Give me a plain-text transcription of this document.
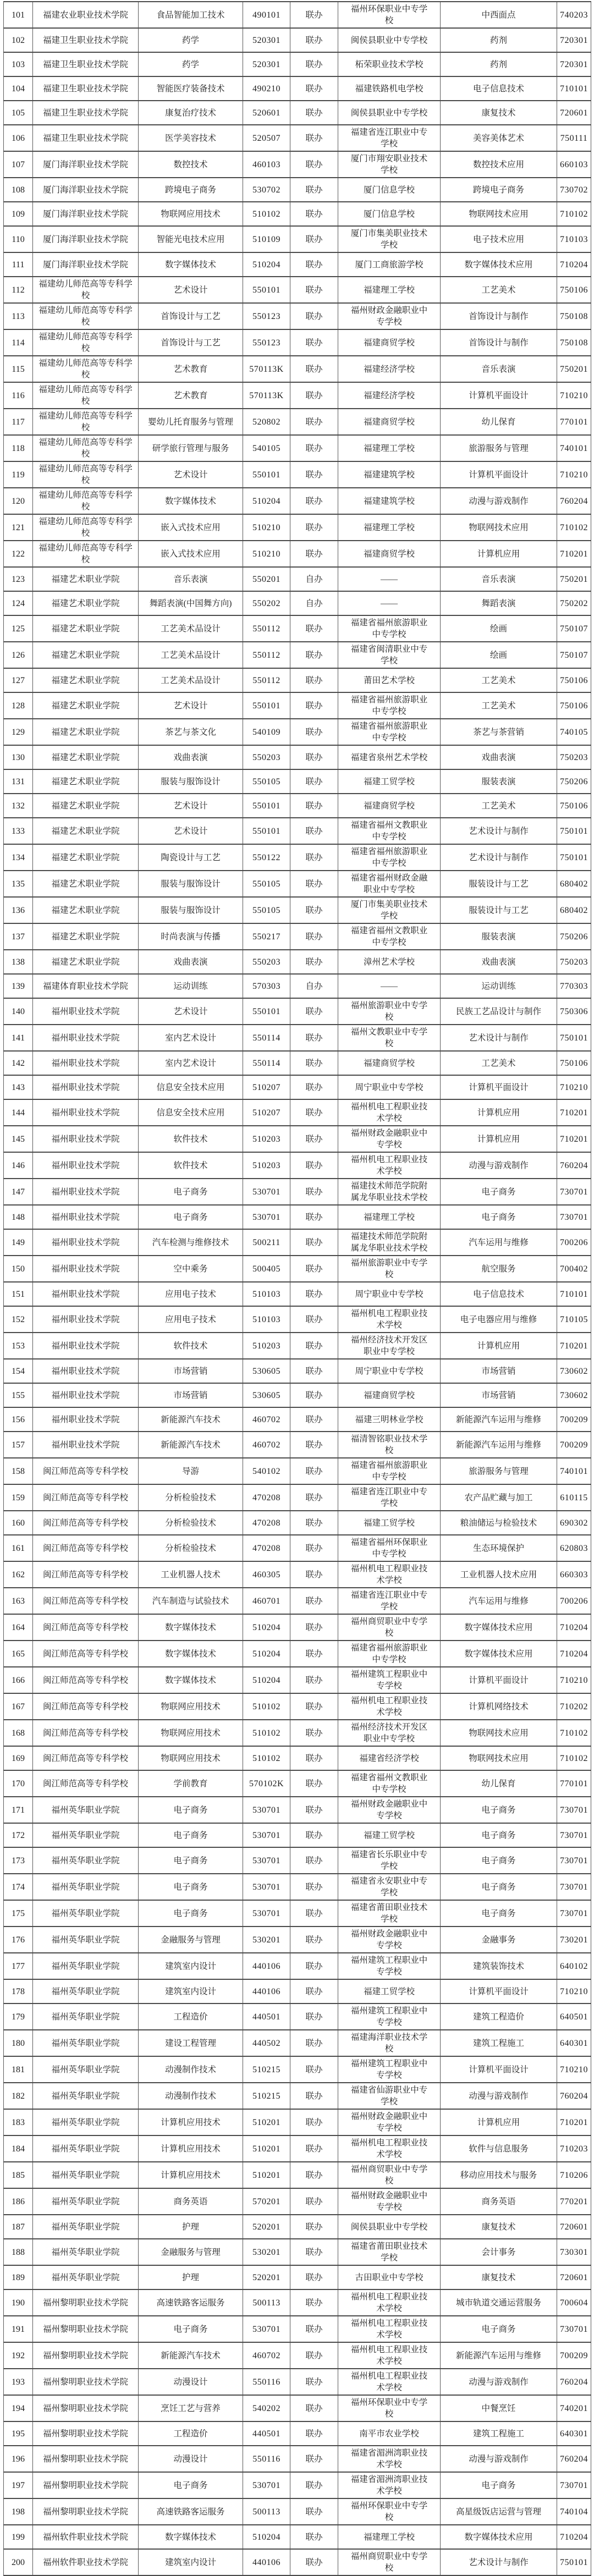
101	福建农业职业技术学院	食品智能加工技术	490101	联办	福州环保职业中专学校	中西面点	740203
102	福建卫生职业技术学院	药学	520301	联办	闽侯县职业中专学校	药剂	720301
103	福建卫生职业技术学院	药学	520301	联办	柘荣职业技术学校	药剂	720301
104	福建卫生职业技术学院	智能医疗装备技术	490210	联办	福建铁路机电学校	电子信息技术	710101
105	福建卫生职业技术学院	康复治疗技术	520601	联办	闽侯县职业中专学校	康复技术	720601
106	福建卫生职业技术学院	医学美容技术	520507	联办	福建省连江职业中专学校	美容美体艺术	750111
107	厦门海洋职业技术学院	数控技术	460103	联办	厦门市翔安职业技术学校	数控技术应用	660103
108	厦门海洋职业技术学院	跨境电子商务	530702	联办	厦门信息学校	跨境电子商务	730702
109	厦门海洋职业技术学院	物联网应用技术	510102	联办	厦门信息学校	物联网技术应用	710102
110	厦门海洋职业技术学院	智能光电技术应用	510109	联办	厦门市集美职业技术学校	电子技术应用	710103
111	厦门海洋职业技术学院	数字媒体技术	510204	联办	厦门工商旅游学校	数字媒体技术应用	710204
112	福建幼儿师范高等专科学校	艺术设计	550101	联办	福建理工学校	工艺美术	750106
113	福建幼儿师范高等专科学校	首饰设计与工艺	550123	联办	福州财政金融职业中专学校	首饰设计与制作	750108
114	福建幼儿师范高等专科学校	首饰设计与工艺	550123	联办	福建商贸学校	首饰设计与制作	750108
115	福建幼儿师范高等专科学校	艺术教育	570113K	联办	福建经济学校	音乐表演	750201
116	福建幼儿师范高等专科学校	艺术教育	570113K	联办	福建经济学校	计算机平面设计	710210
117	福建幼儿师范高等专科学校	婴幼儿托育服务与管理	520802	联办	福建商贸学校	幼儿保育	770101
118	福建幼儿师范高等专科学校	研学旅行管理与服务	540105	联办	福建理工学校	旅游服务与管理	740101
119	福建幼儿师范高等专科学校	艺术设计	550101	联办	福建建筑学校	计算机平面设计	710210
120	福建幼儿师范高等专科学校	数字媒体技术	510204	联办	福建建筑学校	动漫与游戏制作	760204
121	福建幼儿师范高等专科学校	嵌入式技术应用	510210	联办	福建理工学校	物联网技术应用	710102
122	福建幼儿师范高等专科学校	嵌入式技术应用	510210	联办	福建商贸学校	计算机应用	710201
123	福建艺术职业学院	音乐表演	550201	自办	——	音乐表演	750201
124	福建艺术职业学院	舞蹈表演(中国舞方向)	550202	自办	——	舞蹈表演	750202
125	福建艺术职业学院	工艺美术品设计	550112	联办	福建省福州旅游职业中专学校	绘画	750107
126	福建艺术职业学院	工艺美术品设计	550112	联办	福建省闽清职业中专学校	绘画	750107
127	福建艺术职业学院	工艺美术品设计	550112	联办	莆田艺术学校	工艺美术	750106
128	福建艺术职业学院	艺术设计	550101	联办	福建省福州旅游职业中专学校	工艺美术	750106
129	福建艺术职业学院	茶艺与茶文化	540109	联办	福建省福州旅游职业中专学校	茶艺与茶营销	740105
130	福建艺术职业学院	戏曲表演	550203	联办	福建省泉州艺术学校	戏曲表演	750203
131	福建艺术职业学院	服装与服饰设计	550105	联办	福建工贸学校	服装表演	750206
132	福建艺术职业学院	艺术设计	550101	联办	福建商贸学校	工艺美术	750106
133	福建艺术职业学院	艺术设计	550101	联办	福建省福州文教职业中专学校	艺术设计与制作	750101
134	福建艺术职业学院	陶瓷设计与工艺	550122	联办	福建省福州旅游职业中专学校	艺术设计与制作	750101
135	福建艺术职业学院	服装与服饰设计	550105	联办	福建省福州财政金融职业中专学校	服装设计与工艺	680402
136	福建艺术职业学院	服装与服饰设计	550105	联办	厦门市集美职业技术学校	服装设计与工艺	680402
137	福建艺术职业学院	时尚表演与传播	550217	联办	福建省福州文教职业中专学校	服装表演	750206
138	福建艺术职业学院	戏曲表演	550203	联办	漳州艺术学校	戏曲表演	750203
139	福建体育职业技术学院	运动训练	570303	自办	——	运动训练	770303
140	福州职业技术学院	艺术设计	550101	联办	福州旅游职业中专学校	民族工艺品设计与制作	750306
141	福州职业技术学院	室内艺术设计	550114	联办	福州文教职业中专学校	艺术设计与制作	750101
142	福州职业技术学院	室内艺术设计	550114	联办	福建商贸学校	工艺美术	750106
143	福州职业技术学院	信息安全技术应用	510207	联办	周宁职业中专学校	计算机平面设计	710210
144	福州职业技术学院	信息安全技术应用	510207	联办	福州机电工程职业技术学校	计算机应用	710201
145	福州职业技术学院	软件技术	510203	联办	福州财政金融职业中专学校	计算机应用	710201
146	福州职业技术学院	软件技术	510203	联办	福州机电工程职业技术学校	动漫与游戏制作	760204
147	福州职业技术学院	电子商务	530701	联办	福建技术师范学院附属龙华职业技术学校	电子商务	730701
148	福州职业技术学院	电子商务	530701	联办	福建理工学校	电子商务	730701
149	福州职业技术学院	汽车检测与维修技术	500211	联办	福建技术师范学院附属龙华职业技术学校	汽车运用与维修	700206
150	福州职业技术学院	空中乘务	500405	联办	福州旅游职业中专学校	航空服务	700402
151	福州职业技术学院	应用电子技术	510103	联办	周宁职业中专学校	电子信息技术	710101
152	福州职业技术学院	应用电子技术	510103	联办	福州机电工程职业技术学校	电子电器应用与维修	710105
153	福州职业技术学院	软件技术	510203	联办	福州经济技术开发区职业中专学校	计算机应用	710201
154	福州职业技术学院	市场营销	530605	联办	周宁职业中专学校	市场营销	730602
155	福州职业技术学院	市场营销	530605	联办	福建商贸学校	市场营销	730602
156	福州职业技术学院	新能源汽车技术	460702	联办	福建三明林业学校	新能源汽车运用与维修	700209
157	福州职业技术学院	新能源汽车技术	460702	联办	福清智铭职业技术学校	新能源汽车运用与维修	700209
158	闽江师范高等专科学校	导游	540102	联办	福建省福州旅游职业中专学校	旅游服务与管理	740101
159	闽江师范高等专科学校	分析检验技术	470208	联办	福建省连江职业中专学校	农产品贮藏与加工	610115
160	闽江师范高等专科学校	分析检验技术	470208	联办	福建工贸学校	粮油储运与检验技术	690302
161	闽江师范高等专科学校	分析检验技术	470208	联办	福建省福州环保职业中专学校	生态环境保护	620803
162	闽江师范高等专科学校	工业机器人技术	460305	联办	福州机电工程职业技术学校	工业机器人技术应用	660303
163	闽江师范高等专科学校	汽车制造与试验技术	460701	联办	福建省连江职业中专学校	汽车运用与维修	700206
164	闽江师范高等专科学校	数字媒体技术	510204	联办	福州商贸职业中专学校	数字媒体技术应用	710204
165	闽江师范高等专科学校	数字媒体技术	510204	联办	福建省福州旅游职业中专学校	数字媒体技术应用	710204
166	闽江师范高等专科学校	数字媒体技术	510204	联办	福州建筑工程职业中专学校	计算机平面设计	710210
167	闽江师范高等专科学校	物联网应用技术	510102	联办	福州机电工程职业技术学校	计算机网络技术	710202
168	闽江师范高等专科学校	物联网应用技术	510102	联办	福州经济技术开发区职业中专学校	物联网技术应用	710102
169	闽江师范高等专科学校	物联网应用技术	510102	联办	福建省经济学校	物联网技术应用	710102
170	闽江师范高等专科学校	学前教育	570102K	联办	福建省福州文教职业中专学校	幼儿保育	770101
171	福州英华职业学院	电子商务	530701	联办	福州财政金融职业中专学校	电子商务	730701
172	福州英华职业学院	电子商务	530701	联办	福建工贸学校	电子商务	730701
173	福州英华职业学院	电子商务	530701	联办	福建省长乐职业中专学校	电子商务	730701
174	福州英华职业学院	电子商务	530701	联办	福建省永安职业中专学校	电子商务	730701
175	福州英华职业学院	电子商务	530701	联办	福建省莆田职业技术学校	电子商务	730701
176	福州英华职业学院	金融服务与管理	530201	联办	福州财政金融职业中专学校	金融事务	730201
177	福州英华职业学院	建筑室内设计	440106	联办	福州建筑工程职业中专学校	建筑装饰技术	640102
178	福州英华职业学院	建筑室内设计	440106	联办	福建工贸学校	计算机平面设计	710210
179	福州英华职业学院	工程造价	440501	联办	福州建筑工程职业中专学校	建筑工程造价	640501
180	福州英华职业学院	建设工程管理	440502	联办	福建海洋职业技术学校	建筑工程施工	640301
181	福州英华职业学院	动漫制作技术	510215	联办	福州建筑工程职业中专学校	计算机平面设计	710210
182	福州英华职业学院	动漫制作技术	510215	联办	福建省仙游职业中专学校	动漫与游戏制作	760204
183	福州英华职业学院	计算机应用技术	510201	联办	福州财政金融职业中专学校	计算机应用	710201
184	福州英华职业学院	计算机应用技术	510201	联办	福州机电工程职业技术学校	软件与信息服务	710203
185	福州英华职业学院	计算机应用技术	510201	联办	福州商贸职业中专学校	移动应用技术与服务	710206
186	福州英华职业学院	商务英语	570201	联办	福州财政金融职业中专学校	商务英语	770201
187	福州英华职业学院	护理	520201	联办	闽侯县职业中专学校	康复技术	720601
188	福州英华职业学院	金融服务与管理	530201	联办	福建省莆田职业技术学校	会计事务	730301
189	福州英华职业学院	护理	520201	联办	古田职业中专学校	康复技术	720601
190	福州黎明职业技术学院	高速铁路客运服务	500113	联办	福州机电工程职业技术学校	城市轨道交通运营服务	700604
191	福州黎明职业技术学院	电子商务	530701	联办	福州机电工程职业技术学校	电子商务	730701
192	福州黎明职业技术学院	新能源汽车技术	460702	联办	福州机电工程职业技术学校	新能源汽车运用与维修	700209
193	福州黎明职业技术学院	动漫设计	550116	联办	福州机电工程职业技术学校	动漫与游戏制作	760204
194	福州黎明职业技术学院	烹饪工艺与营养	540202	联办	福州环保职业中专学校	中餐烹饪	740201
195	福州黎明职业技术学院	工程造价	440501	联办	南平市农业学校	建筑工程施工	640301
196	福州黎明职业技术学院	动漫设计	550116	联办	福建省湄洲湾职业技术学校	动漫与游戏制作	760204
197	福州黎明职业技术学院	电子商务	530701	联办	福建省湄洲湾职业技术学校	电子商务	730701
198	福州黎明职业技术学院	高速铁路客运服务	500113	联办	福州环保职业中专学校	高星级饭店运营与管理	740104
199	福州软件职业技术学院	数字媒体技术	510204	联办	福建理工学校	数字媒体技术应用	710204
200	福州软件职业技术学院	建筑室内设计	440106	联办	福州商贸职业中专学校	艺术设计与制作	750101
